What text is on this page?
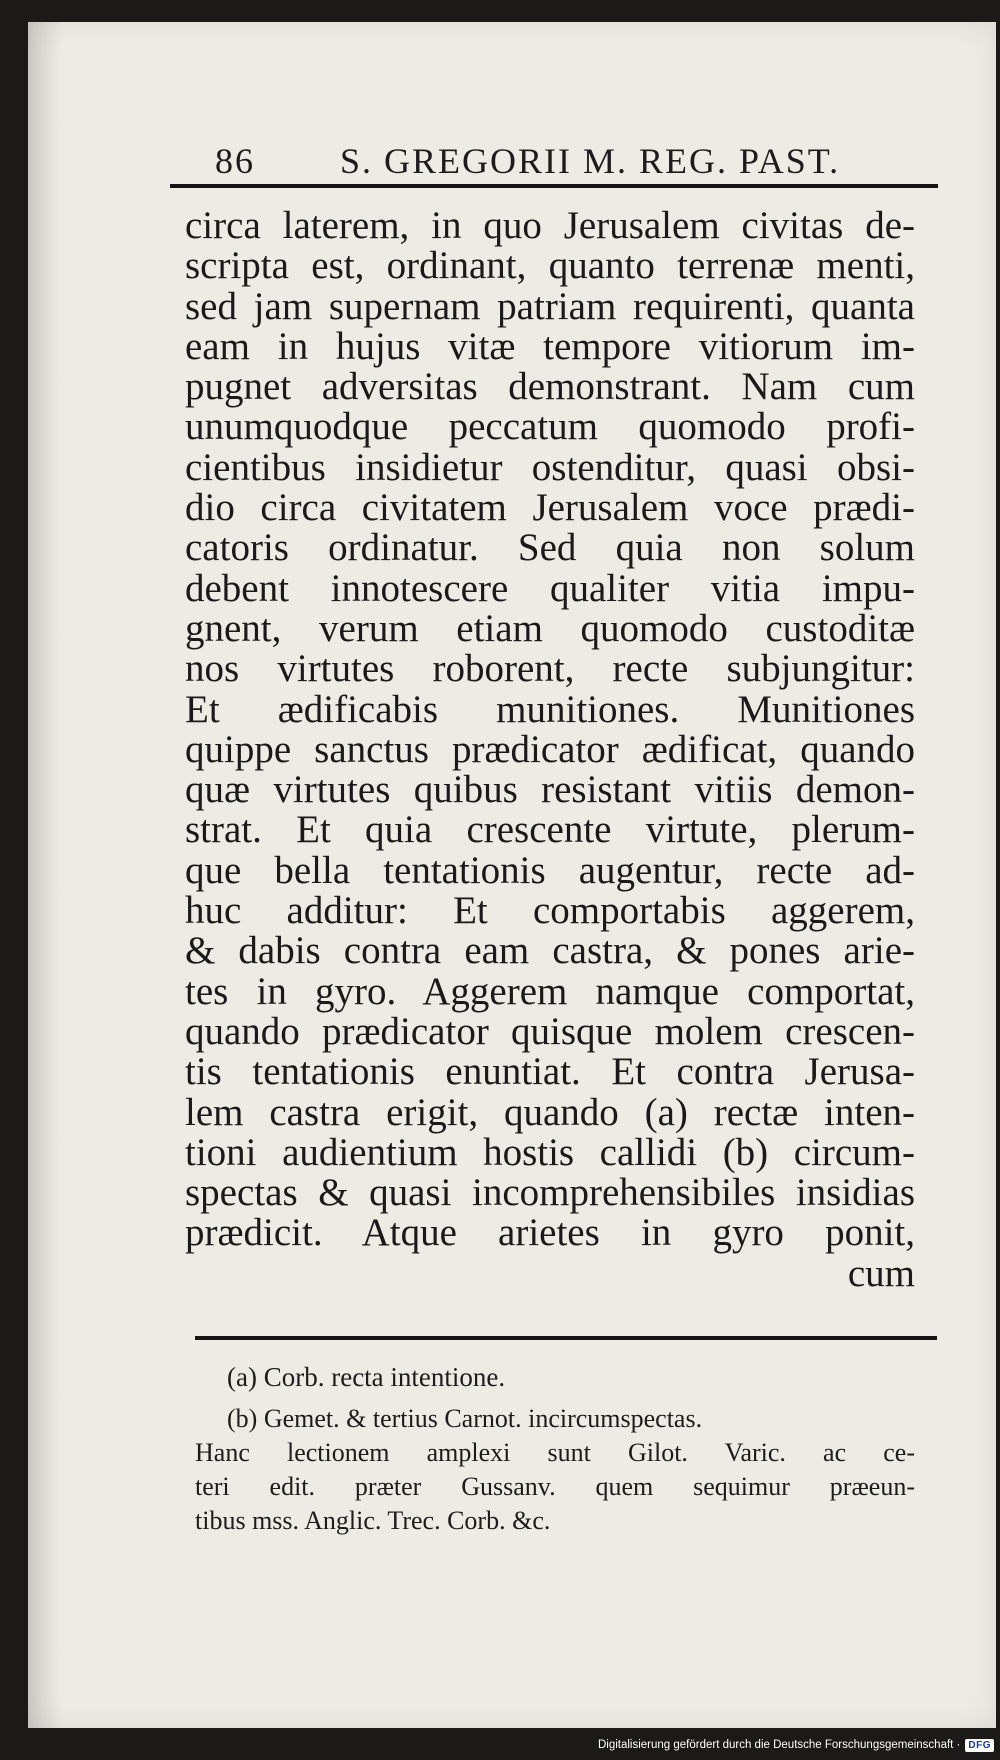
86 S. GREGORII M. REG. PAST.
circa laterem, in quo Jerusalem civitas de-
scripta est, ordinant, quanto terrenæ menti,
sed jam supernam patriam requirenti, quanta
eam in hujus vitæ tempore vitiorum im-
pugnet adversitas demonstrant. Nam cum
unumquodque peccatum quomodo profi-
cientibus insidietur ostenditur, quasi obsi-
dio circa civitatem Jerusalem voce prædi-
catoris ordinatur. Sed quia non solum
debent innotescere qualiter vitia impu-
gnent, verum etiam quomodo custoditæ
nos virtutes roborent, recte subjungitur:
Et ædificabis munitiones. Munitiones
quippe sanctus prædicator ædificat, quando
quæ virtutes quibus resistant vitiis demon-
strat. Et quia crescente virtute, plerum-
que bella tentationis augentur, recte ad-
huc additur: Et comportabis aggerem,
& dabis contra eam castra, & pones arie-
tes in gyro. Aggerem namque comportat,
quando prædicator quisque molem crescen-
tis tentationis enuntiat. Et contra Jerusa-
lem castra erigit, quando (a) rectæ inten-
tioni audientium hostis callidi (b) circum-
spectas & quasi incomprehensibiles insidias
prædicit. Atque arietes in gyro ponit,
cum
(a) Corb. recta intentione.
(b) Gemet. & tertius Carnot. incircumspectas.
Hanc lectionem amplexi sunt Gilot. Varic. ac ce-
teri edit. præter Gussanv. quem sequimur præeun-
tibus mss. Anglic. Trec. Corb. &c.
Digitalisierung gefördert durch die Deutsche Forschungsgemeinschaft · DFG
